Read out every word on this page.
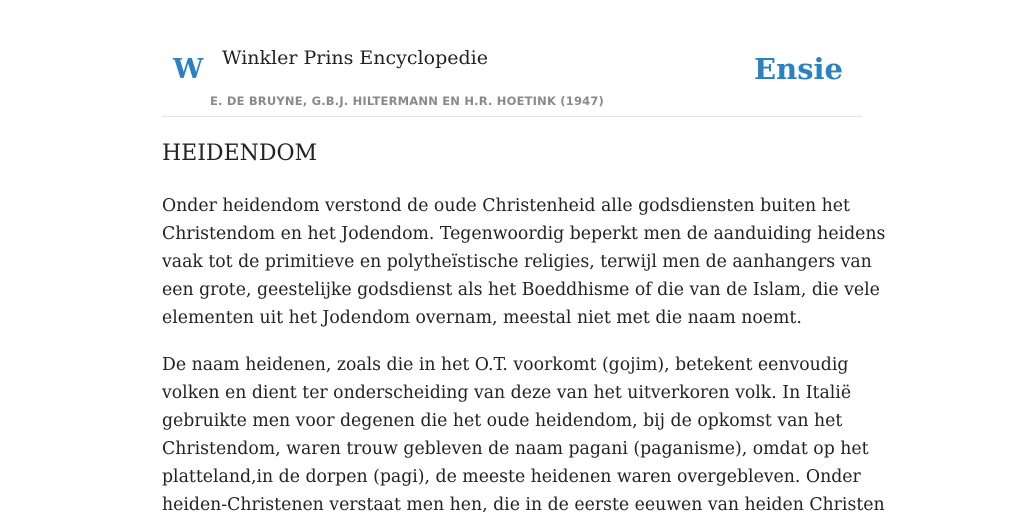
W Winkler Prins Encyclopedie
E. DE BRUYNE, G.B.J. HILTERMANN EN H.R. HOETINK (1947)
Ensie
HEIDENDOM

Onder heidendom verstond de oude Christenheid alle godsdiensten buiten het
Christendom en het Jodendom. Tegenwoordig beperkt men de aanduiding heidens
vaak tot de primitieve en polytheïstische religies, terwijl men de aanhangers van
een grote, geestelijke godsdienst als het Boeddhisme of die van de Islam, die vele
elementen uit het Jodendom overnam, meestal niet met die naam noemt.

De naam heidenen, zoals die in het O.T. voorkomt (gojim), betekent eenvoudig
volken en dient ter onderscheiding van deze van het uitverkoren volk. In Italië
gebruikte men voor degenen die het oude heidendom, bij de opkomst van het
Christendom, waren trouw gebleven de naam pagani (paganisme), omdat op het
platteland,in de dorpen (pagi), de meeste heidenen waren overgebleven. Onder
heiden-Christenen verstaat men hen, die in de eerste eeuwen van heiden Christen
